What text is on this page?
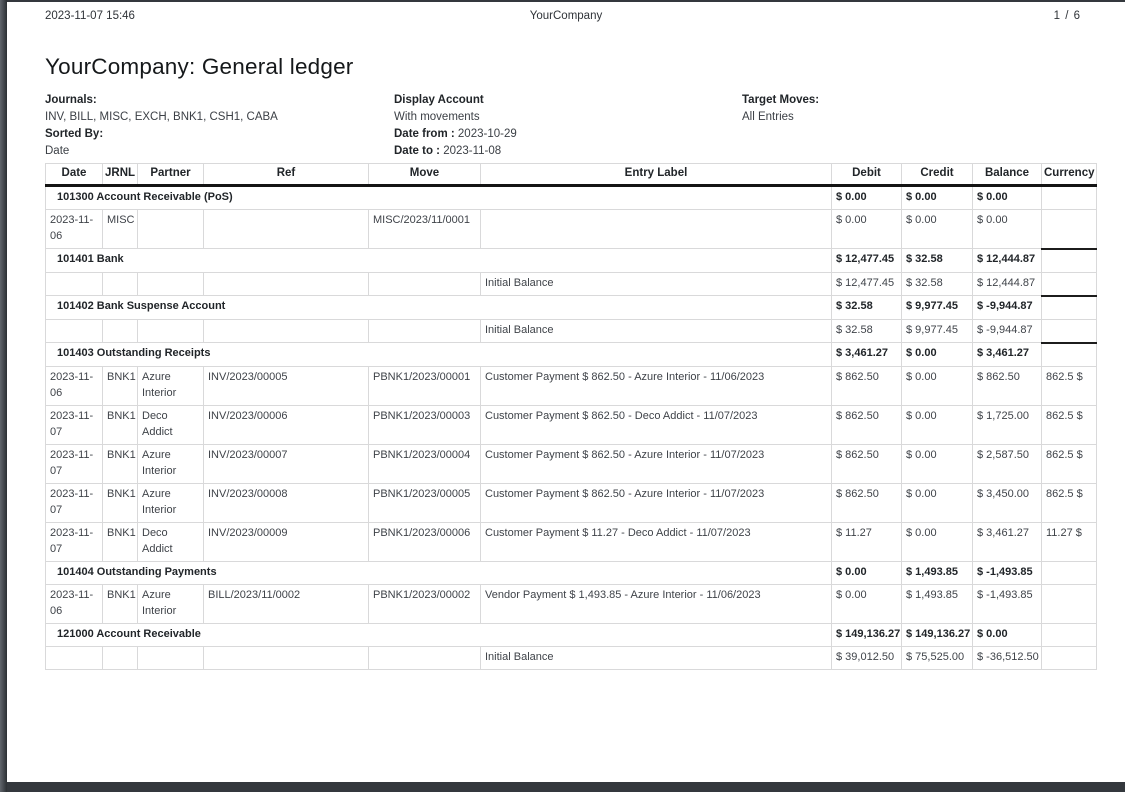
2023-11-07 15:46	YourCompany	1 / 6
YourCompany: General ledger
Journals:
INV, BILL, MISC, EXCH, BNK1, CSH1, CABA
Sorted By:
Date
Display Account
With movements
Date from : 2023-10-29
Date to : 2023-11-08
Target Moves:
All Entries
Date	JRNL	Partner	Ref	Move	Entry Label	Debit	Credit	Balance	Currency
101300 Account Receivable (PoS)						$ 0.00	$ 0.00	$ 0.00	
2023-11-06	MISC			MISC/2023/11/0001		$ 0.00	$ 0.00	$ 0.00	
101401 Bank						$ 12,477.45	$ 32.58	$ 12,444.87	
					Initial Balance	$ 12,477.45	$ 32.58	$ 12,444.87	
101402 Bank Suspense Account						$ 32.58	$ 9,977.45	$ -9,944.87	
					Initial Balance	$ 32.58	$ 9,977.45	$ -9,944.87	
101403 Outstanding Receipts						$ 3,461.27	$ 0.00	$ 3,461.27	
2023-11-06	BNK1	Azure Interior	INV/2023/00005	PBNK1/2023/00001	Customer Payment $ 862.50 - Azure Interior - 11/06/2023	$ 862.50	$ 0.00	$ 862.50	862.5 $
2023-11-07	BNK1	Deco Addict	INV/2023/00006	PBNK1/2023/00003	Customer Payment $ 862.50 - Deco Addict - 11/07/2023	$ 862.50	$ 0.00	$ 1,725.00	862.5 $
2023-11-07	BNK1	Azure Interior	INV/2023/00007	PBNK1/2023/00004	Customer Payment $ 862.50 - Azure Interior - 11/07/2023	$ 862.50	$ 0.00	$ 2,587.50	862.5 $
2023-11-07	BNK1	Azure Interior	INV/2023/00008	PBNK1/2023/00005	Customer Payment $ 862.50 - Azure Interior - 11/07/2023	$ 862.50	$ 0.00	$ 3,450.00	862.5 $
2023-11-07	BNK1	Deco Addict	INV/2023/00009	PBNK1/2023/00006	Customer Payment $ 11.27 - Deco Addict - 11/07/2023	$ 11.27	$ 0.00	$ 3,461.27	11.27 $
101404 Outstanding Payments						$ 0.00	$ 1,493.85	$ -1,493.85	
2023-11-06	BNK1	Azure Interior	BILL/2023/11/0002	PBNK1/2023/00002	Vendor Payment $ 1,493.85 - Azure Interior - 11/06/2023	$ 0.00	$ 1,493.85	$ -1,493.85	
121000 Account Receivable						$ 149,136.27	$ 149,136.27	$ 0.00	
					Initial Balance	$ 39,012.50	$ 75,525.00	$ -36,512.50	
